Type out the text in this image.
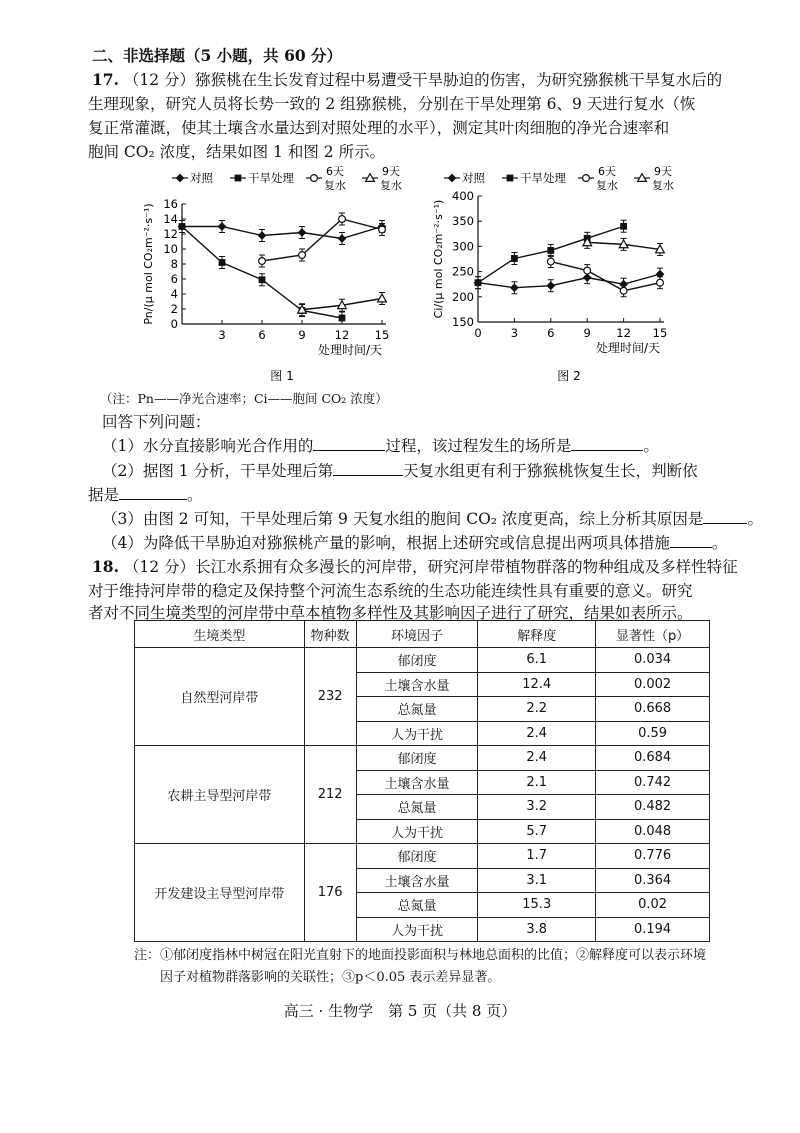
二、非选择题（5 小题，共 60 分）
17. （12 分）猕猴桃在生长发育过程中易遭受干旱胁迫的伤害，为研究猕猴桃干旱复水后的
生理现象，研究人员将长势一致的 2 组猕猴桃，分别在干旱处理第 6、9 天进行复水（恢
复正常灌溉，使其土壤含水量达到对照处理的水平），测定其叶肉细胞的净光合速率和
胞间 CO₂ 浓度，结果如图 1 和图 2 所示。
0
2
4
6
8
10
12
14
16
3	6	9	12 15
处理时间/天
Pn/(μ mol CO₂m⁻²·s⁻¹)
图 1
对照	干旱处理	6天
复水
9天
复水
150
200
250
300
350
400
0	3	6	9 12 15
处理时间/天
Ci/(μ mol CO₂m⁻²·s⁻¹)
图 2
对照	干旱处理	6天
复水
9天
复水
（注：Pn——净光合速率；Ci——胞间 CO₂ 浓度）
回答下列问题：
（1）水分直接影响光合作用的	过程，该过程发生的场所是	。
（2）据图 1 分析，干旱处理后第	天复水组更有利于猕猴桃恢复生长，判断依
据是	。
（3）由图 2 可知，干旱处理后第 9 天复水组的胞间 CO₂ 浓度更高，综上分析其原因是	。
（4）为降低干旱胁迫对猕猴桃产量的影响，根据上述研究或信息提出两项具体措施	。
18. （12 分）长江水系拥有众多漫长的河岸带，研究河岸带植物群落的物种组成及多样性特征
对于维持河岸带的稳定及保持整个河流生态系统的生态功能连续性具有重要的意义。研究
者对不同生境类型的河岸带中草本植物多样性及其影响因子进行了研究，结果如表所示。
生境类型	物种数	环境因子	解释度	显著性（p）
自然型河岸带	232	郁闭度	6.1	0.034
		土壤含水量	12.4	0.002
		总氮量	2.2	0.668
		人为干扰	2.4	0.59
农耕主导型河岸带	212	郁闭度	2.4	0.684
		土壤含水量	2.1	0.742
		总氮量	3.2	0.482
		人为干扰	5.7	0.048
开发建设主导型河岸带	176	郁闭度	1.7	0.776
		土壤含水量	3.1	0.364
		总氮量	15.3	0.02
		人为干扰	3.8	0.194
注：①郁闭度指林中树冠在阳光直射下的地面投影面积与林地总面积的比值；②解释度可以表示环境
因子对植物群落影响的关联性；③p＜0.05 表示差异显著。
高三 · 生物学　第 5 页（共 8 页）
